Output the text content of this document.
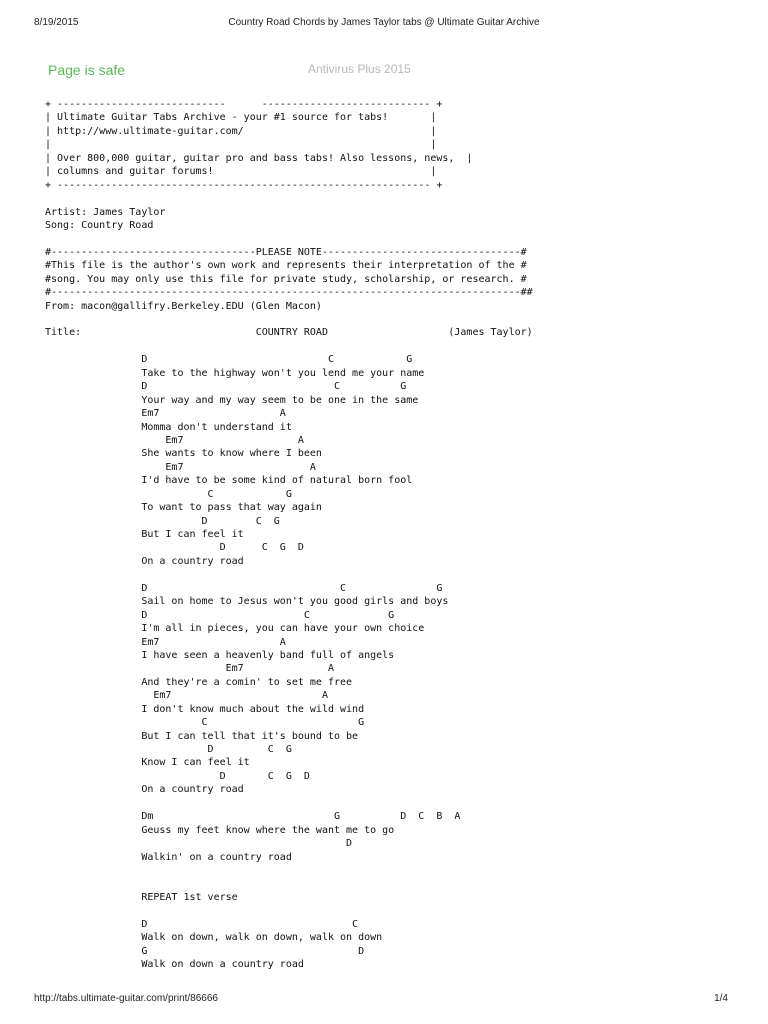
8/19/2015	Country Road Chords by James Taylor tabs @ Ultimate Guitar Archive
Page is safe	Antivirus Plus 2015
+ ----------------------------      ---------------------------- +
| Ultimate Guitar Tabs Archive - your #1 source for tabs!       |
| http://www.ultimate-guitar.com/                               |
|                                                               |
| Over 800,000 guitar, guitar pro and bass tabs! Also lessons, news,  |
| columns and guitar forums!                                    |
+ -------------------------------------------------------------- +
Artist: James Taylor
Song: Country Road
#----------------------------------PLEASE NOTE---------------------------------#
#This file is the author's own work and represents their interpretation of the #
#song. You may only use this file for private study, scholarship, or research. #
#------------------------------------------------------------------------------##
From: macon@gallifry.Berkeley.EDU (Glen Macon)
Title:                             COUNTRY ROAD                    (James Taylor)
D                              C            G
Take to the highway won't you lend me your name
D                               C          G
Your way and my way seem to be one in the same
Em7                    A
Momma don't understand it
Em7                   A
She wants to know where I been
Em7                     A
I'd have to be some kind of natural born fool
C            G
To want to pass that way again
D        C  G
But I can feel it
D      C  G  D
On a country road
D                                C               G
Sail on home to Jesus won't you good girls and boys
D                          C             G
I'm all in pieces, you can have your own choice
Em7                    A
I have seen a heavenly band full of angels
Em7              A
And they're a comin' to set me free
Em7                         A
I don't know much about the wild wind
C                         G
But I can tell that it's bound to be
D         C  G
Know I can feel it
D       C  G  D
On a country road
Dm                              G          D  C  B  A
Geuss my feet know where the want me to go
D
Walkin' on a country road
REPEAT 1st verse
D                                  C
Walk on down, walk on down, walk on down
G                                   D
Walk on down a country road
http://tabs.ultimate-guitar.com/print/86666	1/4
